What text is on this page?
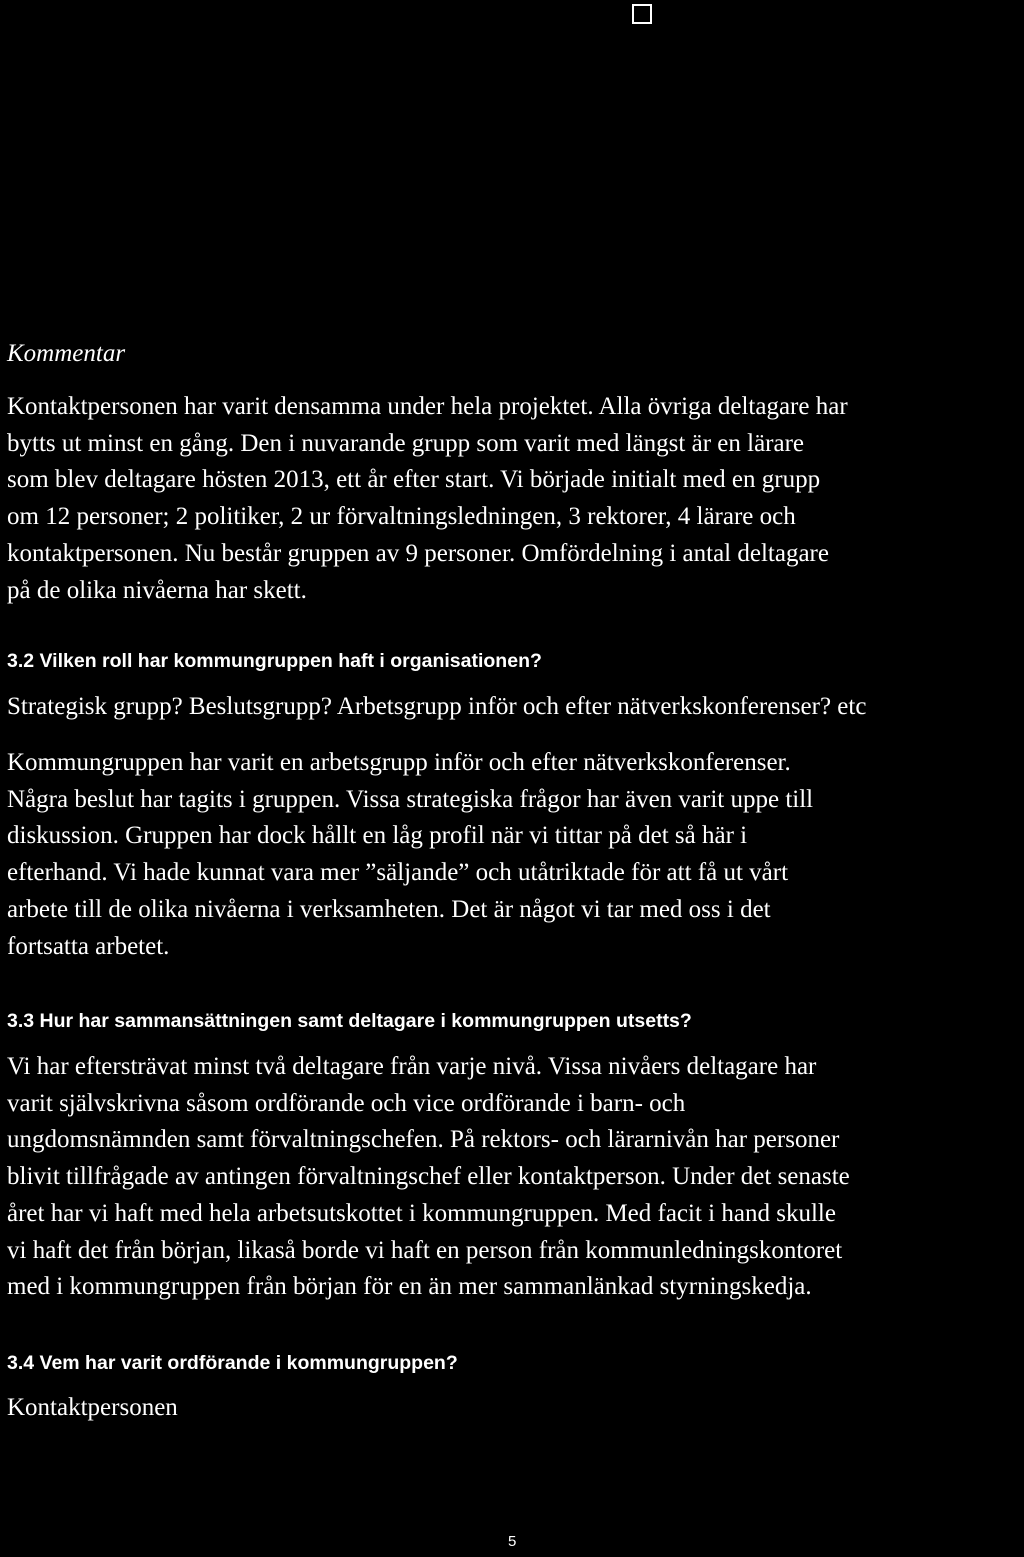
Kommentar

Kontaktpersonen har varit densamma under hela projektet. Alla övriga deltagare har
bytts ut minst en gång. Den i nuvarande grupp som varit med längst är en lärare
som blev deltagare hösten 2013, ett år efter start. Vi började initialt med en grupp
om 12 personer; 2 politiker, 2 ur förvaltningsledningen, 3 rektorer, 4 lärare och
kontaktpersonen. Nu består gruppen av 9 personer. Omfördelning i antal deltagare
på de olika nivåerna har skett.

3.2 Vilken roll har kommungruppen haft i organisationen?

Strategisk grupp? Beslutsgrupp? Arbetsgrupp inför och efter nätverkskonferenser? etc

Kommungruppen har varit en arbetsgrupp inför och efter nätverkskonferenser.
Några beslut har tagits i gruppen. Vissa strategiska frågor har även varit uppe till
diskussion. Gruppen har dock hållt en låg profil när vi tittar på det så här i
efterhand. Vi hade kunnat vara mer ”säljande” och utåtriktade för att få ut vårt
arbete till de olika nivåerna i verksamheten. Det är något vi tar med oss i det
fortsatta arbetet.

3.3 Hur har sammansättningen samt deltagare i kommungruppen utsetts?

Vi har eftersträvat minst två deltagare från varje nivå. Vissa nivåers deltagare har
varit självskrivna såsom ordförande och vice ordförande i barn- och
ungdomsnämnden samt förvaltningschefen. På rektors- och lärarnivån har personer
blivit tillfrågade av antingen förvaltningschef eller kontaktperson. Under det senaste
året har vi haft med hela arbetsutskottet i kommungruppen. Med facit i hand skulle
vi haft det från början, likaså borde vi haft en person från kommunledningskontoret
med i kommungruppen från början för en än mer sammanlänkad styrningskedja.

3.4 Vem har varit ordförande i kommungruppen?

Kontaktpersonen

5
